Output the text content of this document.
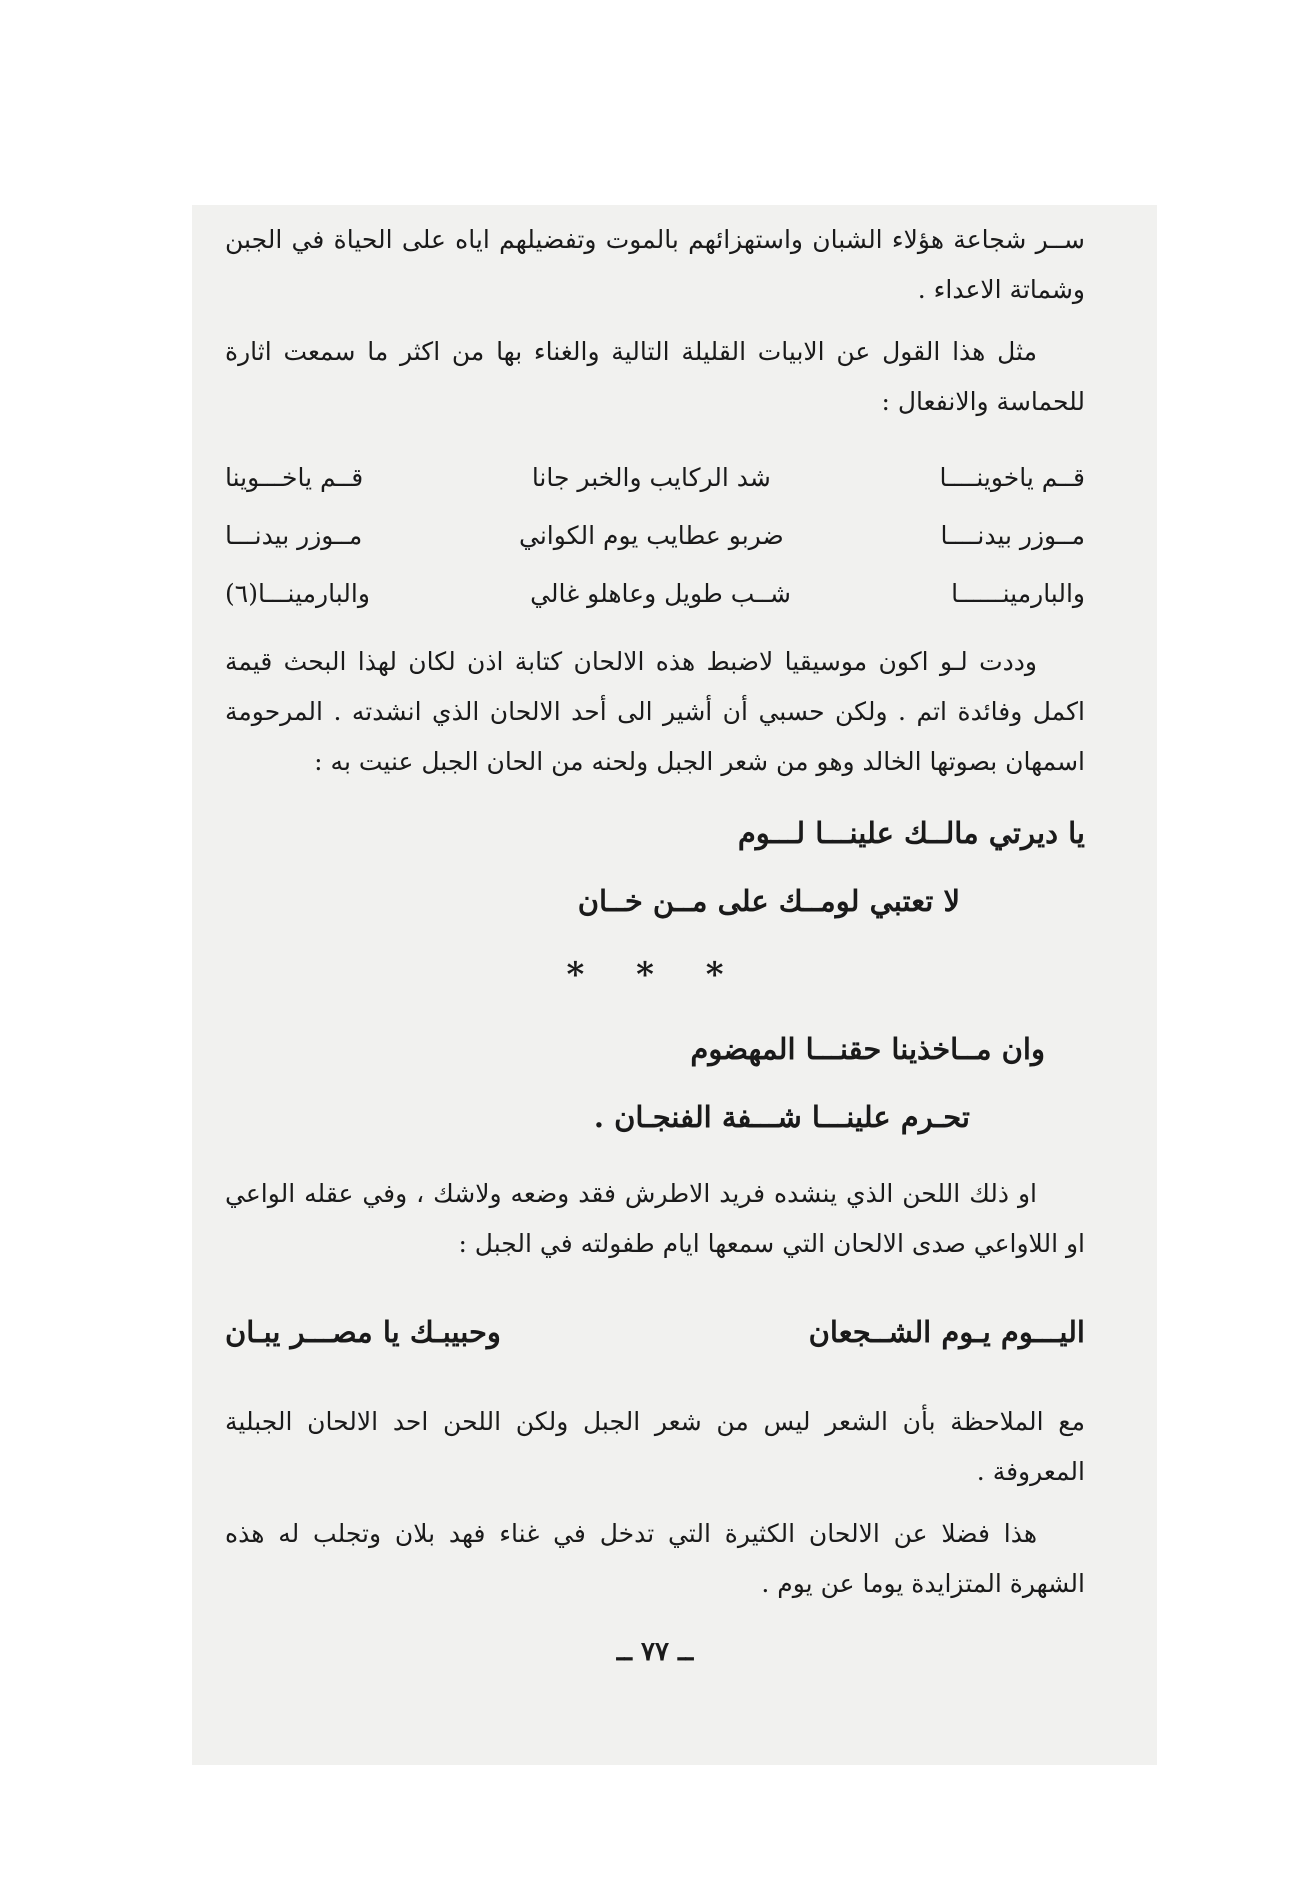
ســر شجاعة هؤلاء الشبان واستهزائهم بالموت وتفضيلهم اياه على الحياة في الجبن وشماتة الاعداء .

مثل هذا القول عن الابيات القليلة التالية والغناء بها من اكثر ما سمعت اثارة للحماسة والانفعال :

قــم ياخوينــــا
شد الركايب والخبر جانا
قــم ياخـــوينا
مــوزر بيدنــــا
ضربو عطايب يوم الكواني
مــوزر بيدنـــا
والبارمينــــــا
شــب طويل وعاهلو غالي
والبارمينـــا(٦)

وددت لـو اكون موسيقيا لاضبط هذه الالحان كتابة اذن لكان لهذا البحث قيمة اكمل وفائدة اتم . ولكن حسبي أن أشير الى أحد الالحان الذي انشدته . المرحومة اسمهان بصوتها الخالد وهو من شعر الجبل ولحنه من الحان الجبل عنيت به :

يا ديرتي مالــك علينـــا لـــوم
لا تعتبي لومــك على مــن خــان
* * *
وان مــاخذينا حقنـــا المهضوم
تحـرم علينـــا شـــفة الفنجـان .

او ذلك اللحن الذي ينشده فريد الاطرش فقد وضعه ولاشك ، وفي عقله الواعي او اللاواعي صدى الالحان التي سمعها ايام طفولته في الجبل :

اليـــوم يـوم الشــجعان
وحبيبـك يا مصـــر يبـان

مع الملاحظة بأن الشعر ليس من شعر الجبل ولكن اللحن احد الالحان الجبلية المعروفة .

هذا فضلا عن الالحان الكثيرة التي تدخل في غناء فهد بلان وتجلب له هذه الشهرة المتزايدة يوما عن يوم .

ــ ٧٧ ــ
